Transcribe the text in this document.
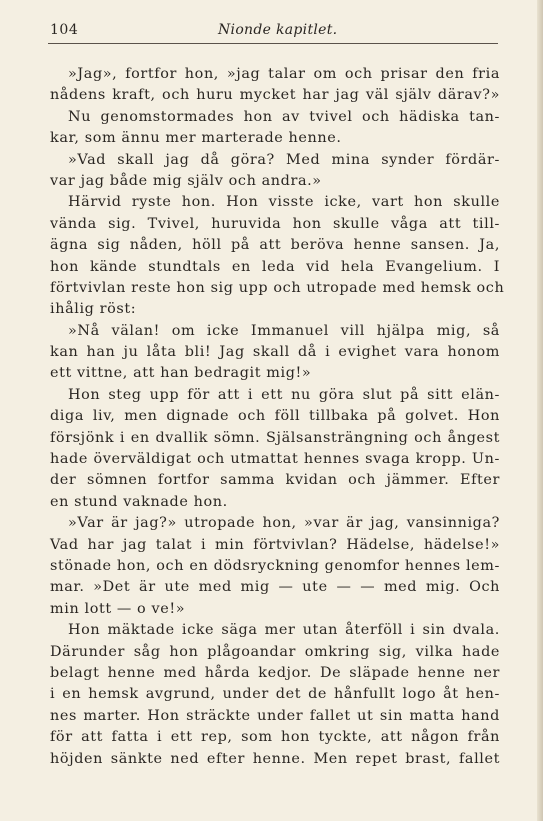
104	Nionde kapitlet.
»Jag», fortfor hon, »jag talar om och prisar den fria
nådens kraft, och huru mycket har jag väl själv därav?»
Nu genomstormades hon av tvivel och hädiska tan-
kar, som ännu mer marterade henne.
»Vad skall jag då göra? Med mina synder fördär-
var jag både mig själv och andra.»
Härvid ryste hon. Hon visste icke, vart hon skulle
vända sig. Tvivel, huruvida hon skulle våga att till-
ägna sig nåden, höll på att beröva henne sansen. Ja,
hon kände stundtals en leda vid hela Evangelium. I
förtvivlan reste hon sig upp och utropade med hemsk och
ihålig röst:
»Nå välan! om icke Immanuel vill hjälpa mig, så
kan han ju låta bli! Jag skall då i evighet vara honom
ett vittne, att han bedragit mig!»
Hon steg upp för att i ett nu göra slut på sitt elän-
diga liv, men dignade och föll tillbaka på golvet. Hon
försjönk i en dvallik sömn. Själsansträngning och ångest
hade överväldigat och utmattat hennes svaga kropp. Un-
der sömnen fortfor samma kvidan och jämmer. Efter
en stund vaknade hon.
»Var är jag?» utropade hon, »var är jag, vansinniga?
Vad har jag talat i min förtvivlan? Hädelse, hädelse!»
stönade hon, och en dödsryckning genomfor hennes lem-
mar. »Det är ute med mig — ute — — med mig. Och
min lott — o ve!»
Hon mäktade icke säga mer utan återföll i sin dvala.
Därunder såg hon plågoandar omkring sig, vilka hade
belagt henne med hårda kedjor. De släpade henne ner
i en hemsk avgrund, under det de hånfullt logo åt hen-
nes marter. Hon sträckte under fallet ut sin matta hand
för att fatta i ett rep, som hon tyckte, att någon från
höjden sänkte ned efter henne. Men repet brast, fallet
